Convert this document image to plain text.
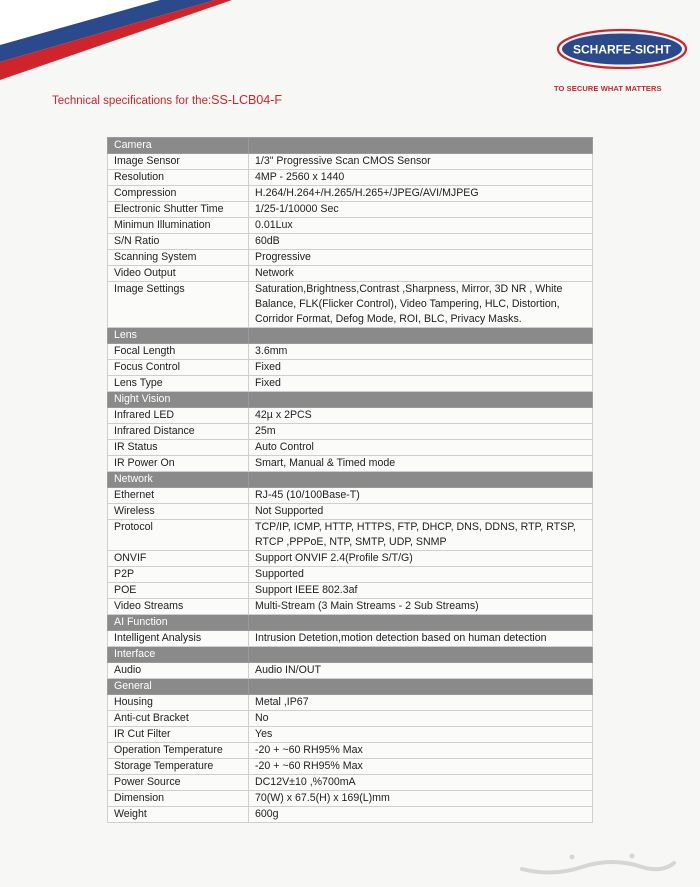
SCHARFE-SICHT
TO SECURE WHAT MATTERS
Technical specifications for the:SS-LCB04-F
Camera	
Image Sensor	1/3" Progressive Scan CMOS Sensor
Resolution	4MP - 2560 x 1440
Compression	H.264/H.264+/H.265/H.265+/JPEG/AVI/MJPEG
Electronic Shutter Time	1/25-1/10000 Sec
Minimun Illumination	0.01Lux
S/N Ratio	60dB
Scanning System	Progressive
Video Output	Network
Image Settings	Saturation,Brightness,Contrast ,Sharpness, Mirror, 3D NR , White Balance, FLK(Flicker Control), Video Tampering, HLC, Distortion, Corridor Format, Defog Mode, ROI, BLC, Privacy Masks.
Lens	
Focal Length	3.6mm
Focus Control	Fixed
Lens Type	Fixed
Night Vision	
Infrared LED	42µ x 2PCS
Infrared Distance	25m
IR Status	Auto Control
IR Power On	Smart, Manual & Timed mode
Network	
Ethernet	RJ-45 (10/100Base-T)
Wireless	Not Supported
Protocol	TCP/IP, ICMP, HTTP, HTTPS, FTP, DHCP, DNS, DDNS, RTP, RTSP, RTCP ,PPPoE, NTP, SMTP, UDP, SNMP
ONVIF	Support ONVIF 2.4(Profile S/T/G)
P2P	Supported
POE	Support IEEE 802.3af
Video Streams	Multi-Stream (3 Main Streams - 2 Sub Streams)
AI Function	
Intelligent Analysis	Intrusion Detetion,motion detection based on human detection
Interface	
Audio	Audio IN/OUT
General	
Housing	Metal ,IP67
Anti-cut Bracket	No
IR Cut Filter	Yes
Operation Temperature	-20 + ~60 RH95% Max
Storage Temperature	-20 + ~60 RH95% Max
Power Source	DC12V±10 ,%700mA
Dimension	70(W) x 67.5(H) x 169(L)mm
Weight	600g
